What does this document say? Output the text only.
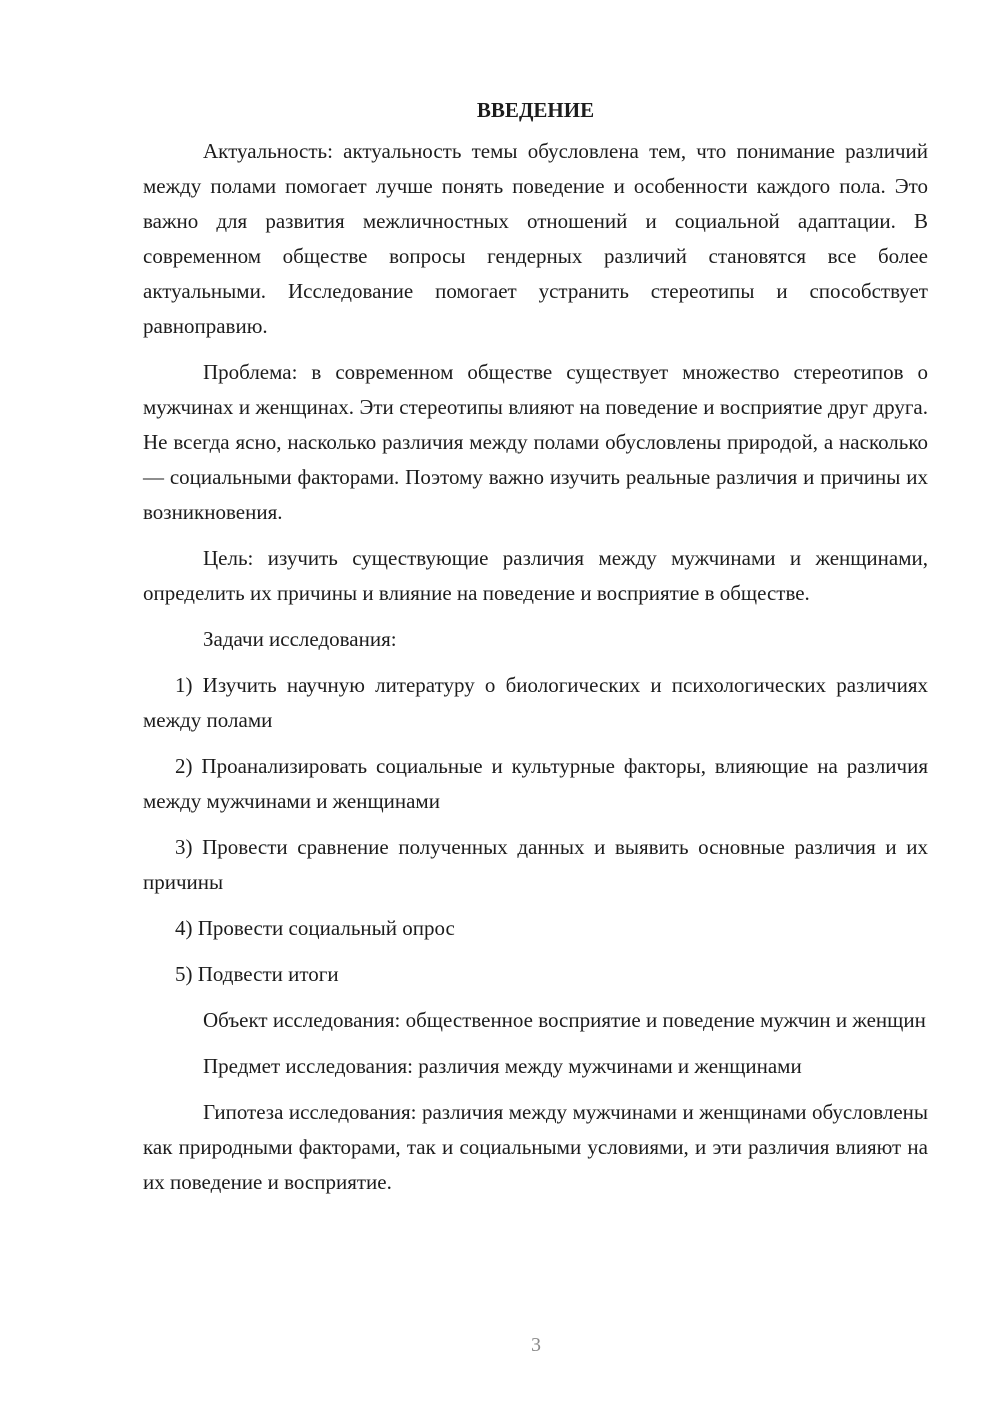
ВВЕДЕНИЕ

Актуальность: актуальность темы обусловлена тем, что понимание различий между полами помогает лучше понять поведение и особенности каждого пола. Это важно для развития межличностных отношений и социальной адаптации. В современном обществе вопросы гендерных различий становятся все более актуальными. Исследование помогает устранить стереотипы и способствует равноправию.

Проблема: в современном обществе существует множество стереотипов о мужчинах и женщинах. Эти стереотипы влияют на поведение и восприятие друг друга. Не всегда ясно, насколько различия между полами обусловлены природой, а насколько — социальными факторами. Поэтому важно изучить реальные различия и причины их возникновения.

Цель: изучить существующие различия между мужчинами и женщинами, определить их причины и влияние на поведение и восприятие в обществе.

Задачи исследования:

1) Изучить научную литературу о биологических и психологических различиях между полами

2) Проанализировать социальные и культурные факторы, влияющие на различия между мужчинами и женщинами

3) Провести сравнение полученных данных и выявить основные различия и их причины

4) Провести социальный опрос

5) Подвести итоги

Объект исследования: общественное восприятие и поведение мужчин и женщин

Предмет исследования: различия между мужчинами и женщинами

Гипотеза исследования: различия между мужчинами и женщинами обусловлены как природными факторами, так и социальными условиями, и эти различия влияют на их поведение и восприятие.

3
